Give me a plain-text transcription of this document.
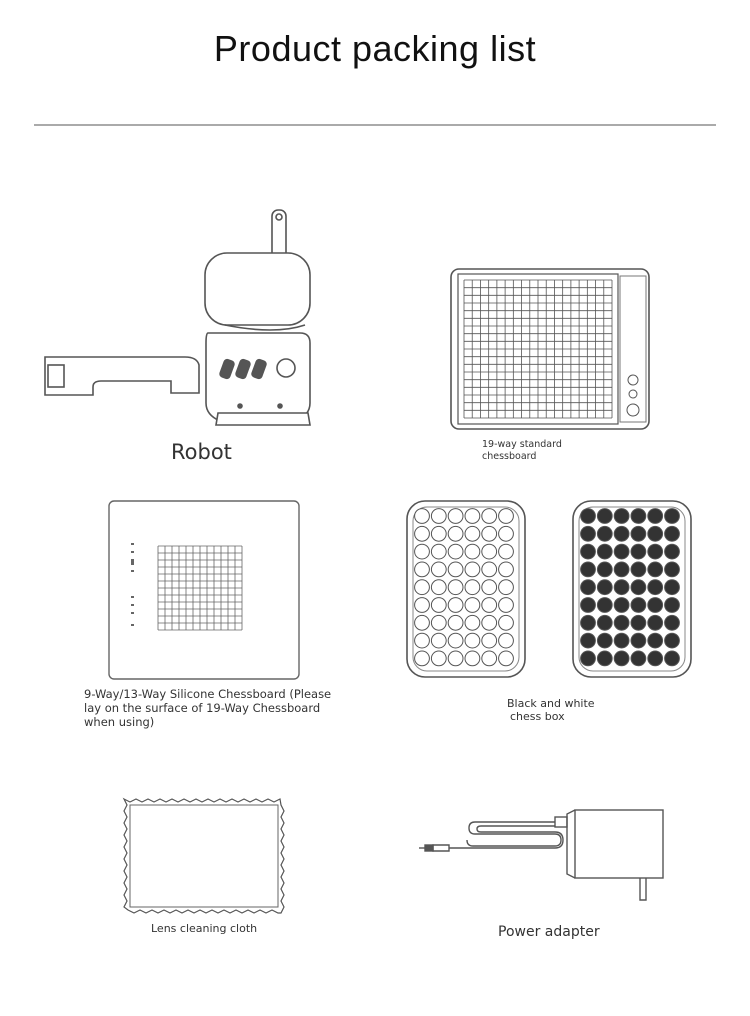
Product packing list
Robot	19-way standard
chessboard
9-Way/13-Way Silicone Chessboard (Please
lay on the surface of 19-Way Chessboard
when using)
Black and white
chess box
Lens cleaning cloth	Power adapter
